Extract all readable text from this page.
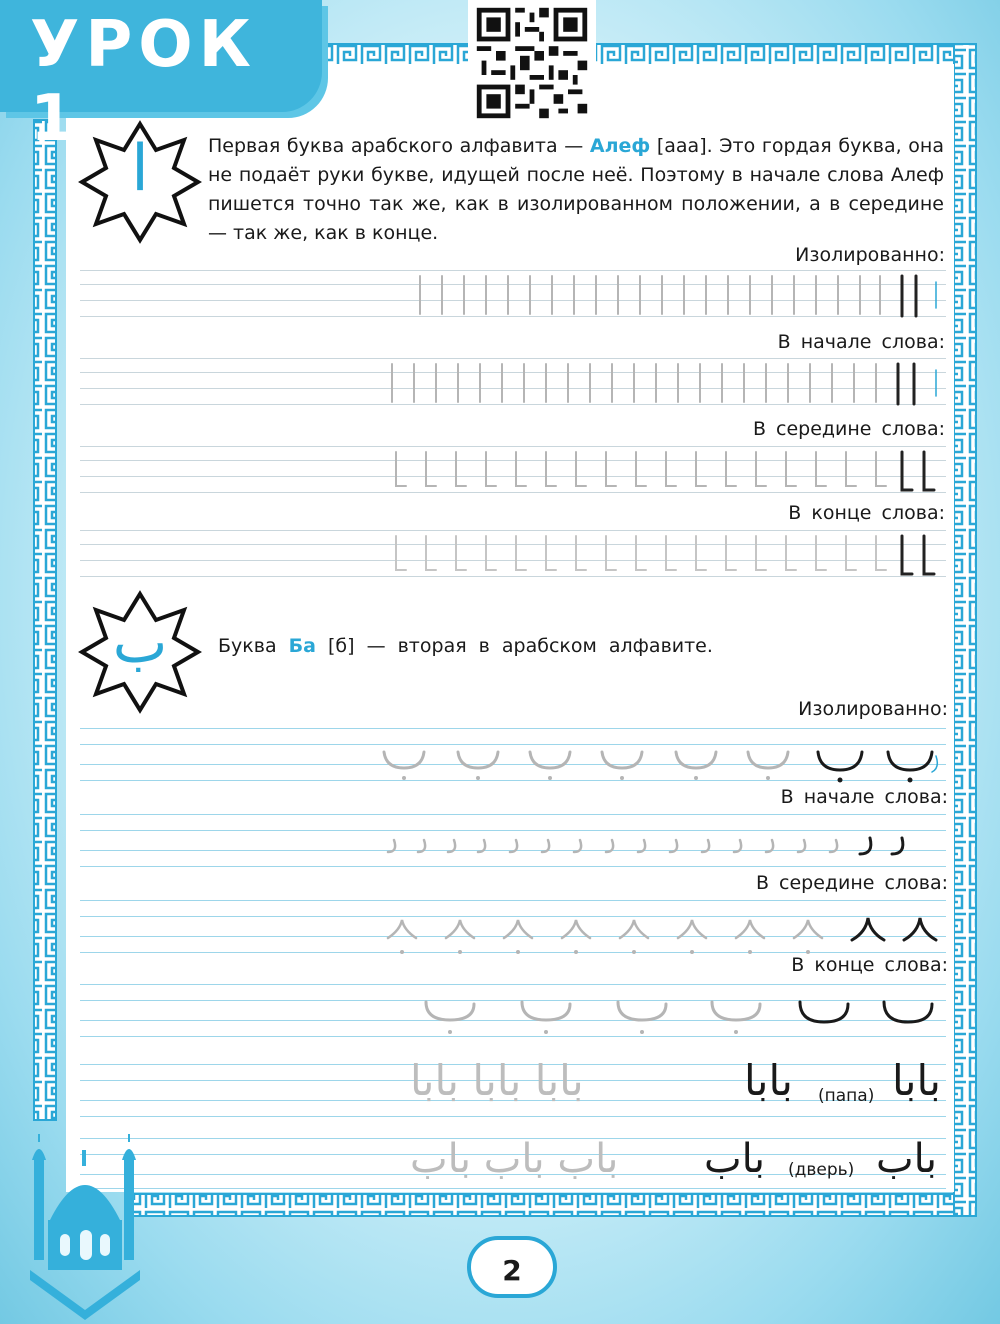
УРОК 1
ا	Первая буква арабского алфавита — Алеф [ааа]. Это гордая буква, она не подаёт руки букве, идущей после неё. Поэтому в начале слова Алеф пишется точно так же, как в изолированном положении, а в середине — так же, как в конце.
Изолированно:
В начале слова:
В середине слова:
В конце слова:
ب	Буква Ба [б] — вторая в арабском алфавите.
Изолированно:
В начале слова:
В середине слова:
В конце слова:
بابا بابا بابا	بابا (папа) بابا
باب باب باب	باب (дверь) باب
2
